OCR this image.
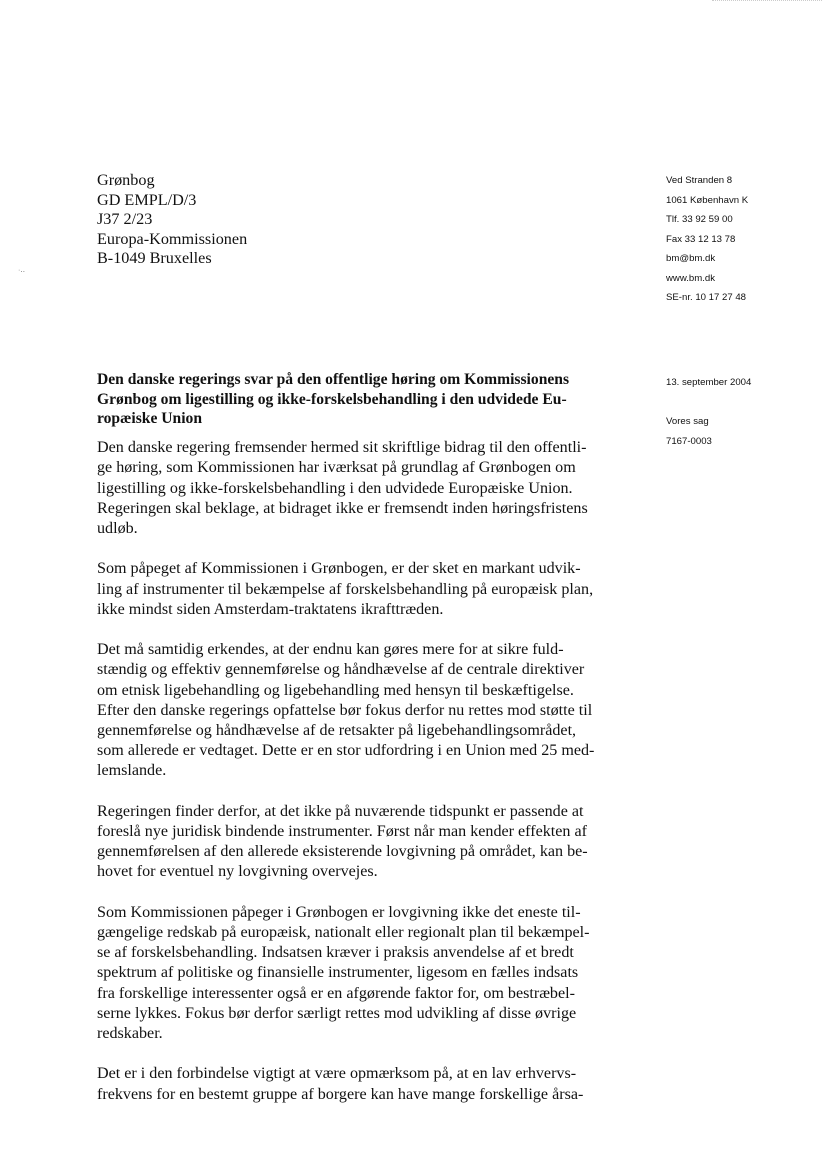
·‥
Grønbog
GD EMPL/D/3
J37 2/23
Europa-Kommissionen
B-1049 Bruxelles
Ved Stranden 8
1061 København K
Tlf. 33 92 59 00
Fax 33 12 13 78
bm@bm.dk
www.bm.dk
SE-nr. 10 17 27 48
13. september 2004
Vores sag
7167-0003
Den danske regerings svar på den offentlige høring om Kommissionens
Grønbog om ligestilling og ikke-forskelsbehandling i den udvidede Eu-
ropæiske Union
Den danske regering fremsender hermed sit skriftlige bidrag til den offentli-
ge høring, som Kommissionen har iværksat på grundlag af Grønbogen om
ligestilling og ikke-forskelsbehandling i den udvidede Europæiske Union.
Regeringen skal beklage, at bidraget ikke er fremsendt inden høringsfristens
udløb.
Som påpeget af Kommissionen i Grønbogen, er der sket en markant udvik-
ling af instrumenter til bekæmpelse af forskelsbehandling på europæisk plan,
ikke mindst siden Amsterdam-traktatens ikrafttræden.
Det må samtidig erkendes, at der endnu kan gøres mere for at sikre fuld-
stændig og effektiv gennemførelse og håndhævelse af de centrale direktiver
om etnisk ligebehandling og ligebehandling med hensyn til beskæftigelse.
Efter den danske regerings opfattelse bør fokus derfor nu rettes mod støtte til
gennemførelse og håndhævelse af de retsakter på ligebehandlingsområdet,
som allerede er vedtaget. Dette er en stor udfordring i en Union med 25 med-
lemslande.
Regeringen finder derfor, at det ikke på nuværende tidspunkt er passende at
foreslå nye juridisk bindende instrumenter. Først når man kender effekten af
gennemførelsen af den allerede eksisterende lovgivning på området, kan be-
hovet for eventuel ny lovgivning overvejes.
Som Kommissionen påpeger i Grønbogen er lovgivning ikke det eneste til-
gængelige redskab på europæisk, nationalt eller regionalt plan til bekæmpel-
se af forskelsbehandling. Indsatsen kræver i praksis anvendelse af et bredt
spektrum af politiske og finansielle instrumenter, ligesom en fælles indsats
fra forskellige interessenter også er en afgørende faktor for, om bestræbel-
serne lykkes. Fokus bør derfor særligt rettes mod udvikling af disse øvrige
redskaber.
Det er i den forbindelse vigtigt at være opmærksom på, at en lav erhvervs-
frekvens for en bestemt gruppe af borgere kan have mange forskellige årsa-
